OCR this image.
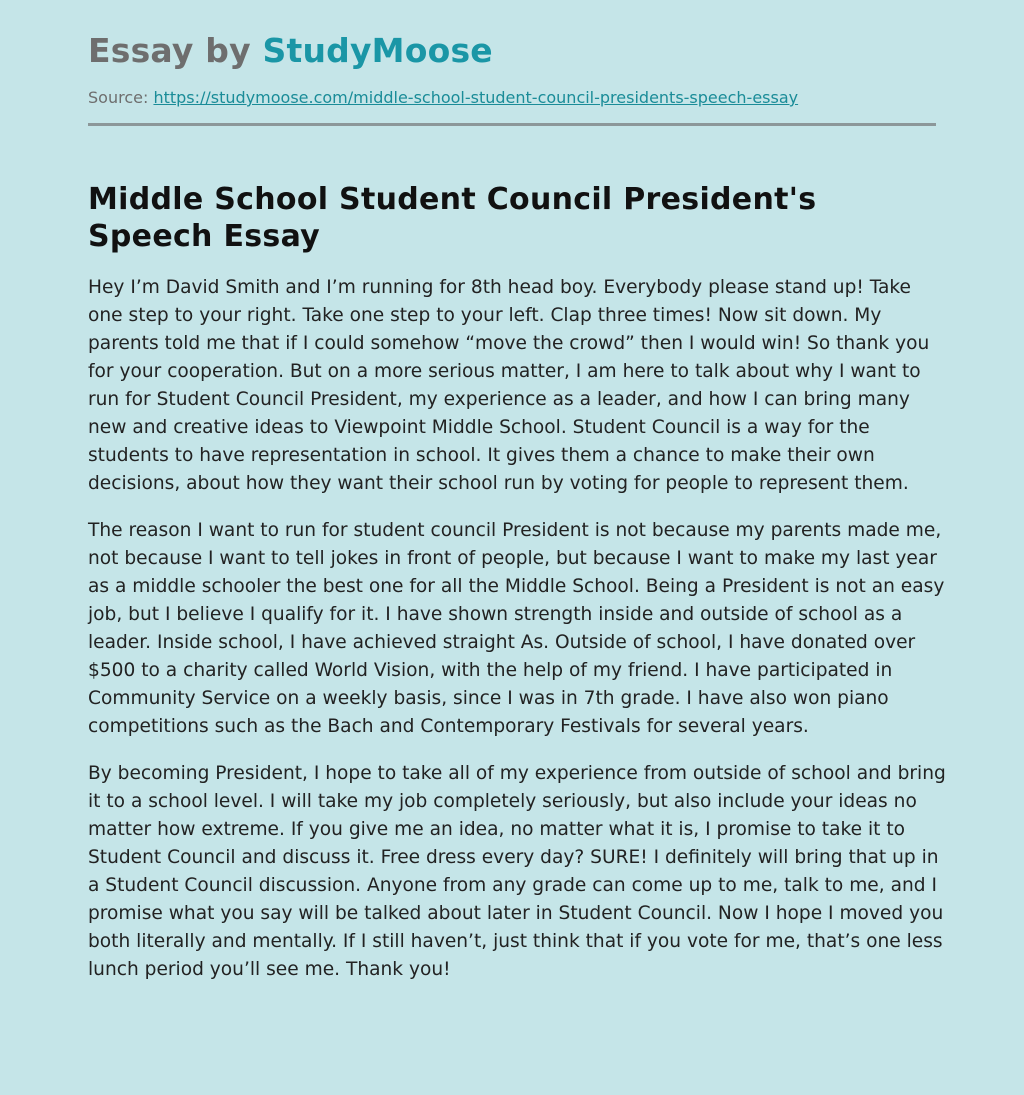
Essay by StudyMoose
Source: https://studymoose.com/middle-school-student-council-presidents-speech-essay
Middle School Student Council President's Speech Essay

Hey I’m David Smith and I’m running for 8th head boy. Everybody please stand up! Take one step to your right. Take one step to your left. Clap three times! Now sit down. My parents told me that if I could somehow “move the crowd” then I would win! So thank you for your cooperation. But on a more serious matter, I am here to talk about why I want to run for Student Council President, my experience as a leader, and how I can bring many new and creative ideas to Viewpoint Middle School. Student Council is a way for the students to have representation in school. It gives them a chance to make their own decisions, about how they want their school run by voting for people to represent them.

The reason I want to run for student council President is not because my parents made me, not because I want to tell jokes in front of people, but because I want to make my last year as a middle schooler the best one for all the Middle School. Being a President is not an easy job, but I believe I qualify for it. I have shown strength inside and outside of school as a leader. Inside school, I have achieved straight As. Outside of school, I have donated over $500 to a charity called World Vision, with the help of my friend. I have participated in Community Service on a weekly basis, since I was in 7th grade. I have also won piano competitions such as the Bach and Contemporary Festivals for several years.

By becoming President, I hope to take all of my experience from outside of school and bring it to a school level. I will take my job completely seriously, but also include your ideas no matter how extreme. If you give me an idea, no matter what it is, I promise to take it to Student Council and discuss it. Free dress every day? SURE! I definitely will bring that up in a Student Council discussion. Anyone from any grade can come up to me, talk to me, and I promise what you say will be talked about later in Student Council. Now I hope I moved you both literally and mentally. If I still haven’t, just think that if you vote for me, that’s one less lunch period you’ll see me. Thank you!
